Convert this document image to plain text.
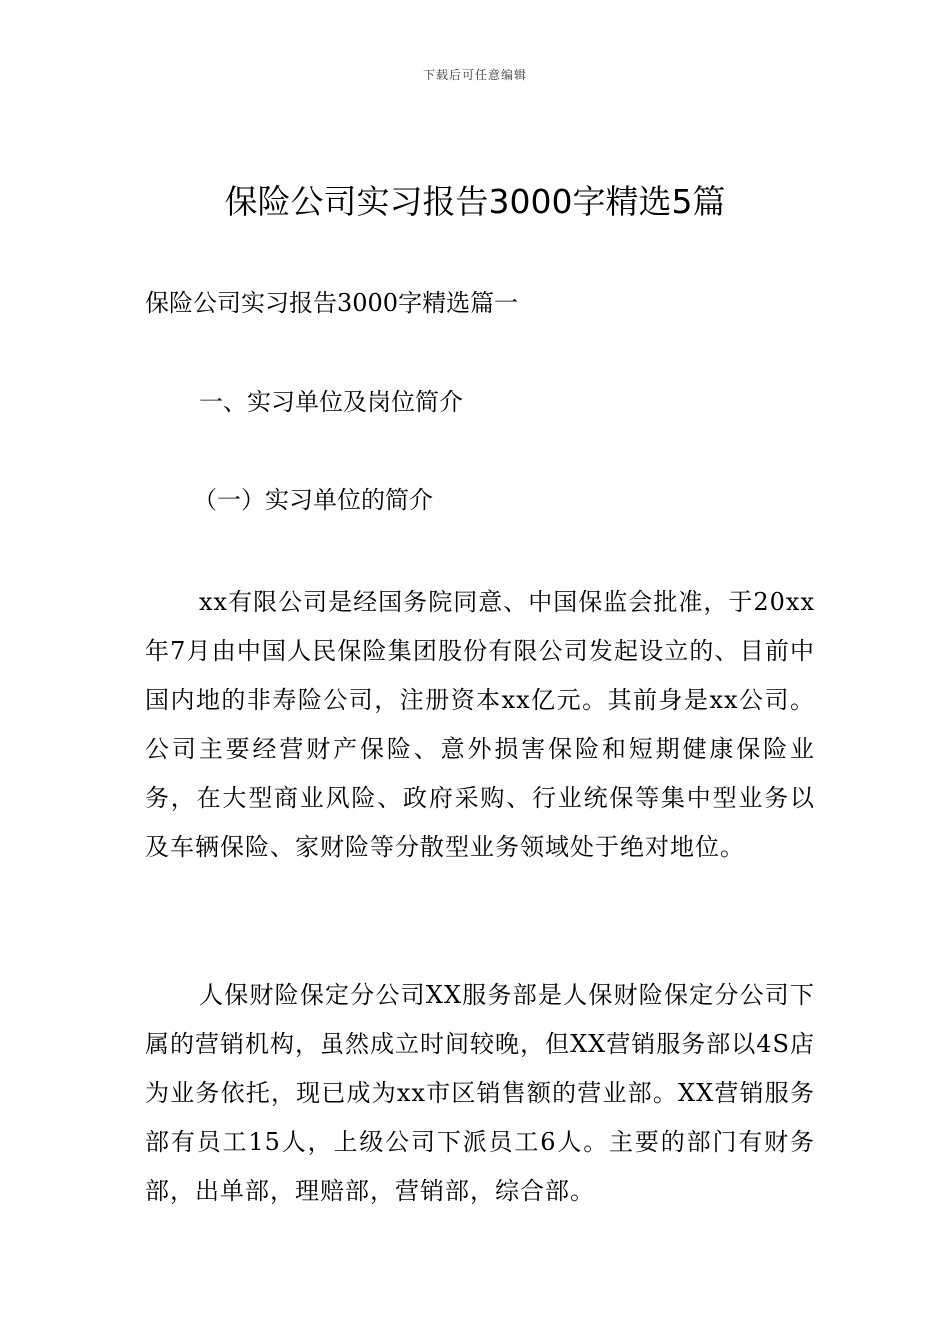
下载后可任意编辑
保险公司实习报告3000字精选5篇

保险公司实习报告3000字精选篇一

一、实习单位及岗位简介

（一）实习单位的简介

xx有限公司是经国务院同意、中国保监会批准，于20xx年7月由中国人民保险集团股份有限公司发起设立的、目前中国内地的非寿险公司，注册资本xx亿元。其前身是xx公司。公司主要经营财产保险、意外损害保险和短期健康保险业务，在大型商业风险、政府采购、行业统保等集中型业务以及车辆保险、家财险等分散型业务领域处于绝对地位。

人保财险保定分公司XX服务部是人保财险保定分公司下属的营销机构，虽然成立时间较晚，但XX营销服务部以4S店为业务依托，现已成为xx市区销售额的营业部。XX营销服务部有员工15人，上级公司下派员工6人。主要的部门有财务部，出单部，理赔部，营销部，综合部。
